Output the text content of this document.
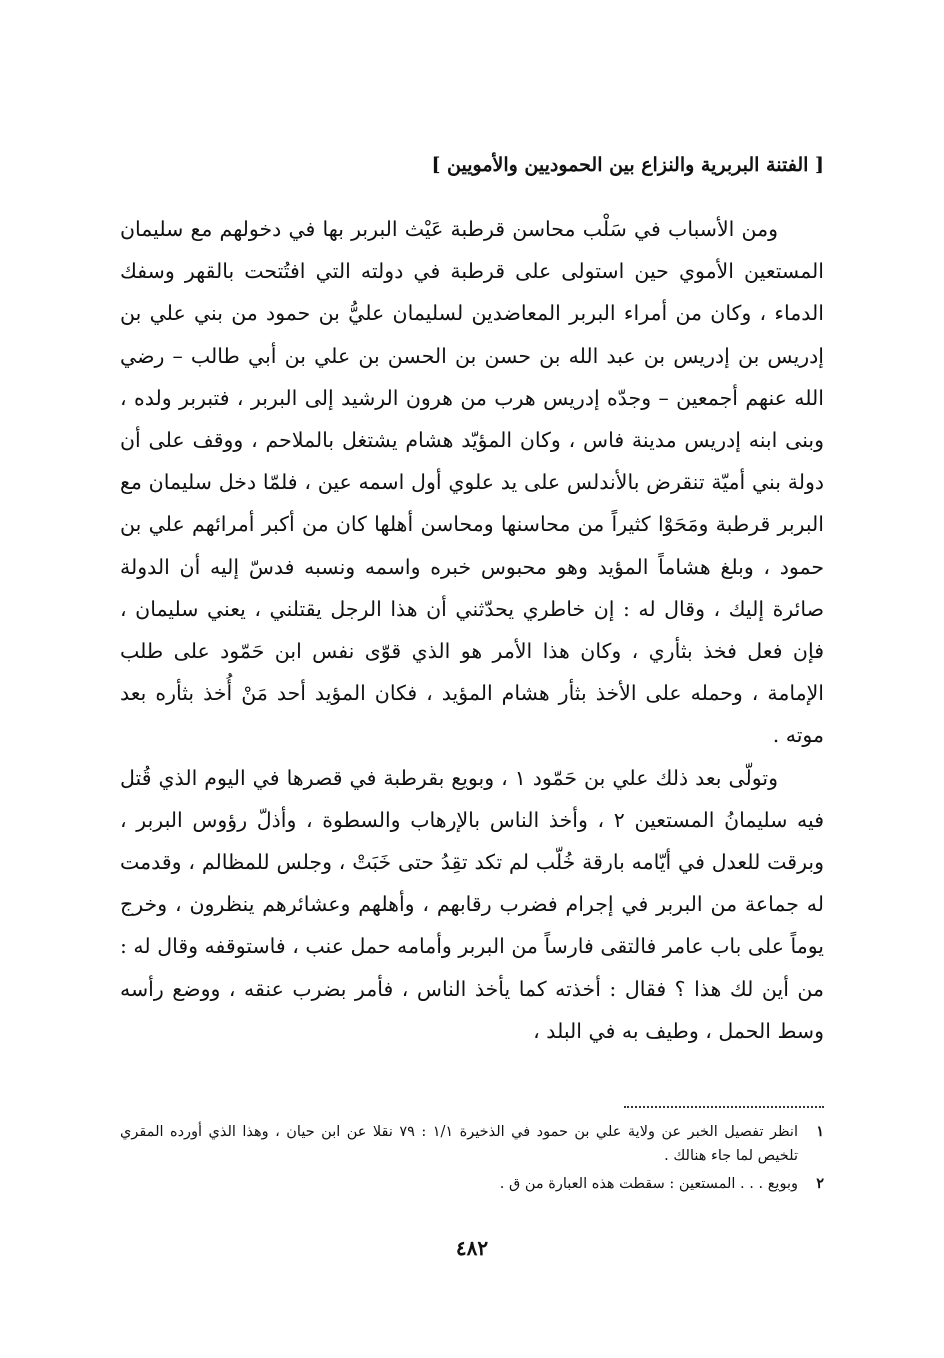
[ الفتنة البربرية والنزاع بين الحموديين والأمويين ]

ومن الأسباب في سَلْب محاسن قرطبة عَيْث البربر بها في دخولهم مع سليمان المستعين الأموي حين استولى على قرطبة في دولته التي افتُتحت بالقهر وسفك الدماء ، وكان من أمراء البربر المعاضدين لسليمان عليُّ بن حمود من بني علي بن إدريس بن إدريس بن عبد الله بن حسن بن الحسن بن علي بن أبي طالب – رضي الله عنهم أجمعين – وجدّه إدريس هرب من هرون الرشيد إلى البربر ، فتبربر ولده ، وبنى ابنه إدريس مدينة فاس ، وكان المؤيّد هشام يشتغل بالملاحم ، ووقف على أن دولة بني أميّة تنقرض بالأندلس على يد علوي أول اسمه عين ، فلمّا دخل سليمان مع البربر قرطبة ومَحَوْا كثيراً من محاسنها ومحاسن أهلها كان من أكبر أمرائهم علي بن حمود ، وبلغ هشاماً المؤيد وهو محبوس خبره واسمه ونسبه فدسّ إليه أن الدولة صائرة إليك ، وقال له : إن خاطري يحدّثني أن هذا الرجل يقتلني ، يعني سليمان ، فإن فعل فخذ بثأري ، وكان هذا الأمر هو الذي قوّى نفس ابن حَمّود على طلب الإمامة ، وحمله على الأخذ بثأر هشام المؤيد ، فكان المؤيد أحد مَنْ أُخذ بثأره بعد موته .

وتولّى بعد ذلك علي بن حَمّود ١ ، وبويع بقرطبة في قصرها في اليوم الذي قُتل فيه سليمانُ المستعين ٢ ، وأخذ الناس بالإرهاب والسطوة ، وأذلّ رؤوس البربر ، وبرقت للعدل في أيّامه بارقة خُلّب لم تكد تقِدُ حتى خَبَتْ ، وجلس للمظالم ، وقدمت له جماعة من البربر في إجرام فضرب رقابهم ، وأهلهم وعشائرهم ينظرون ، وخرج يوماً على باب عامر فالتقى فارساً من البربر وأمامه حمل عنب ، فاستوقفه وقال له : من أين لك هذا ؟ فقال : أخذته كما يأخذ الناس ، فأمر بضرب عنقه ، ووضع رأسه وسط الحمل ، وطيف به في البلد ،

١
انظر تفصيل الخبر عن ولاية علي بن حمود في الذخيرة ١/١ : ٧٩ نقلا عن ابن حيان ، وهذا الذي أورده المقري تلخيص لما جاء هنالك .
٢
وبويع . . . المستعين : سقطت هذه العبارة من ق .
٤٨٢
